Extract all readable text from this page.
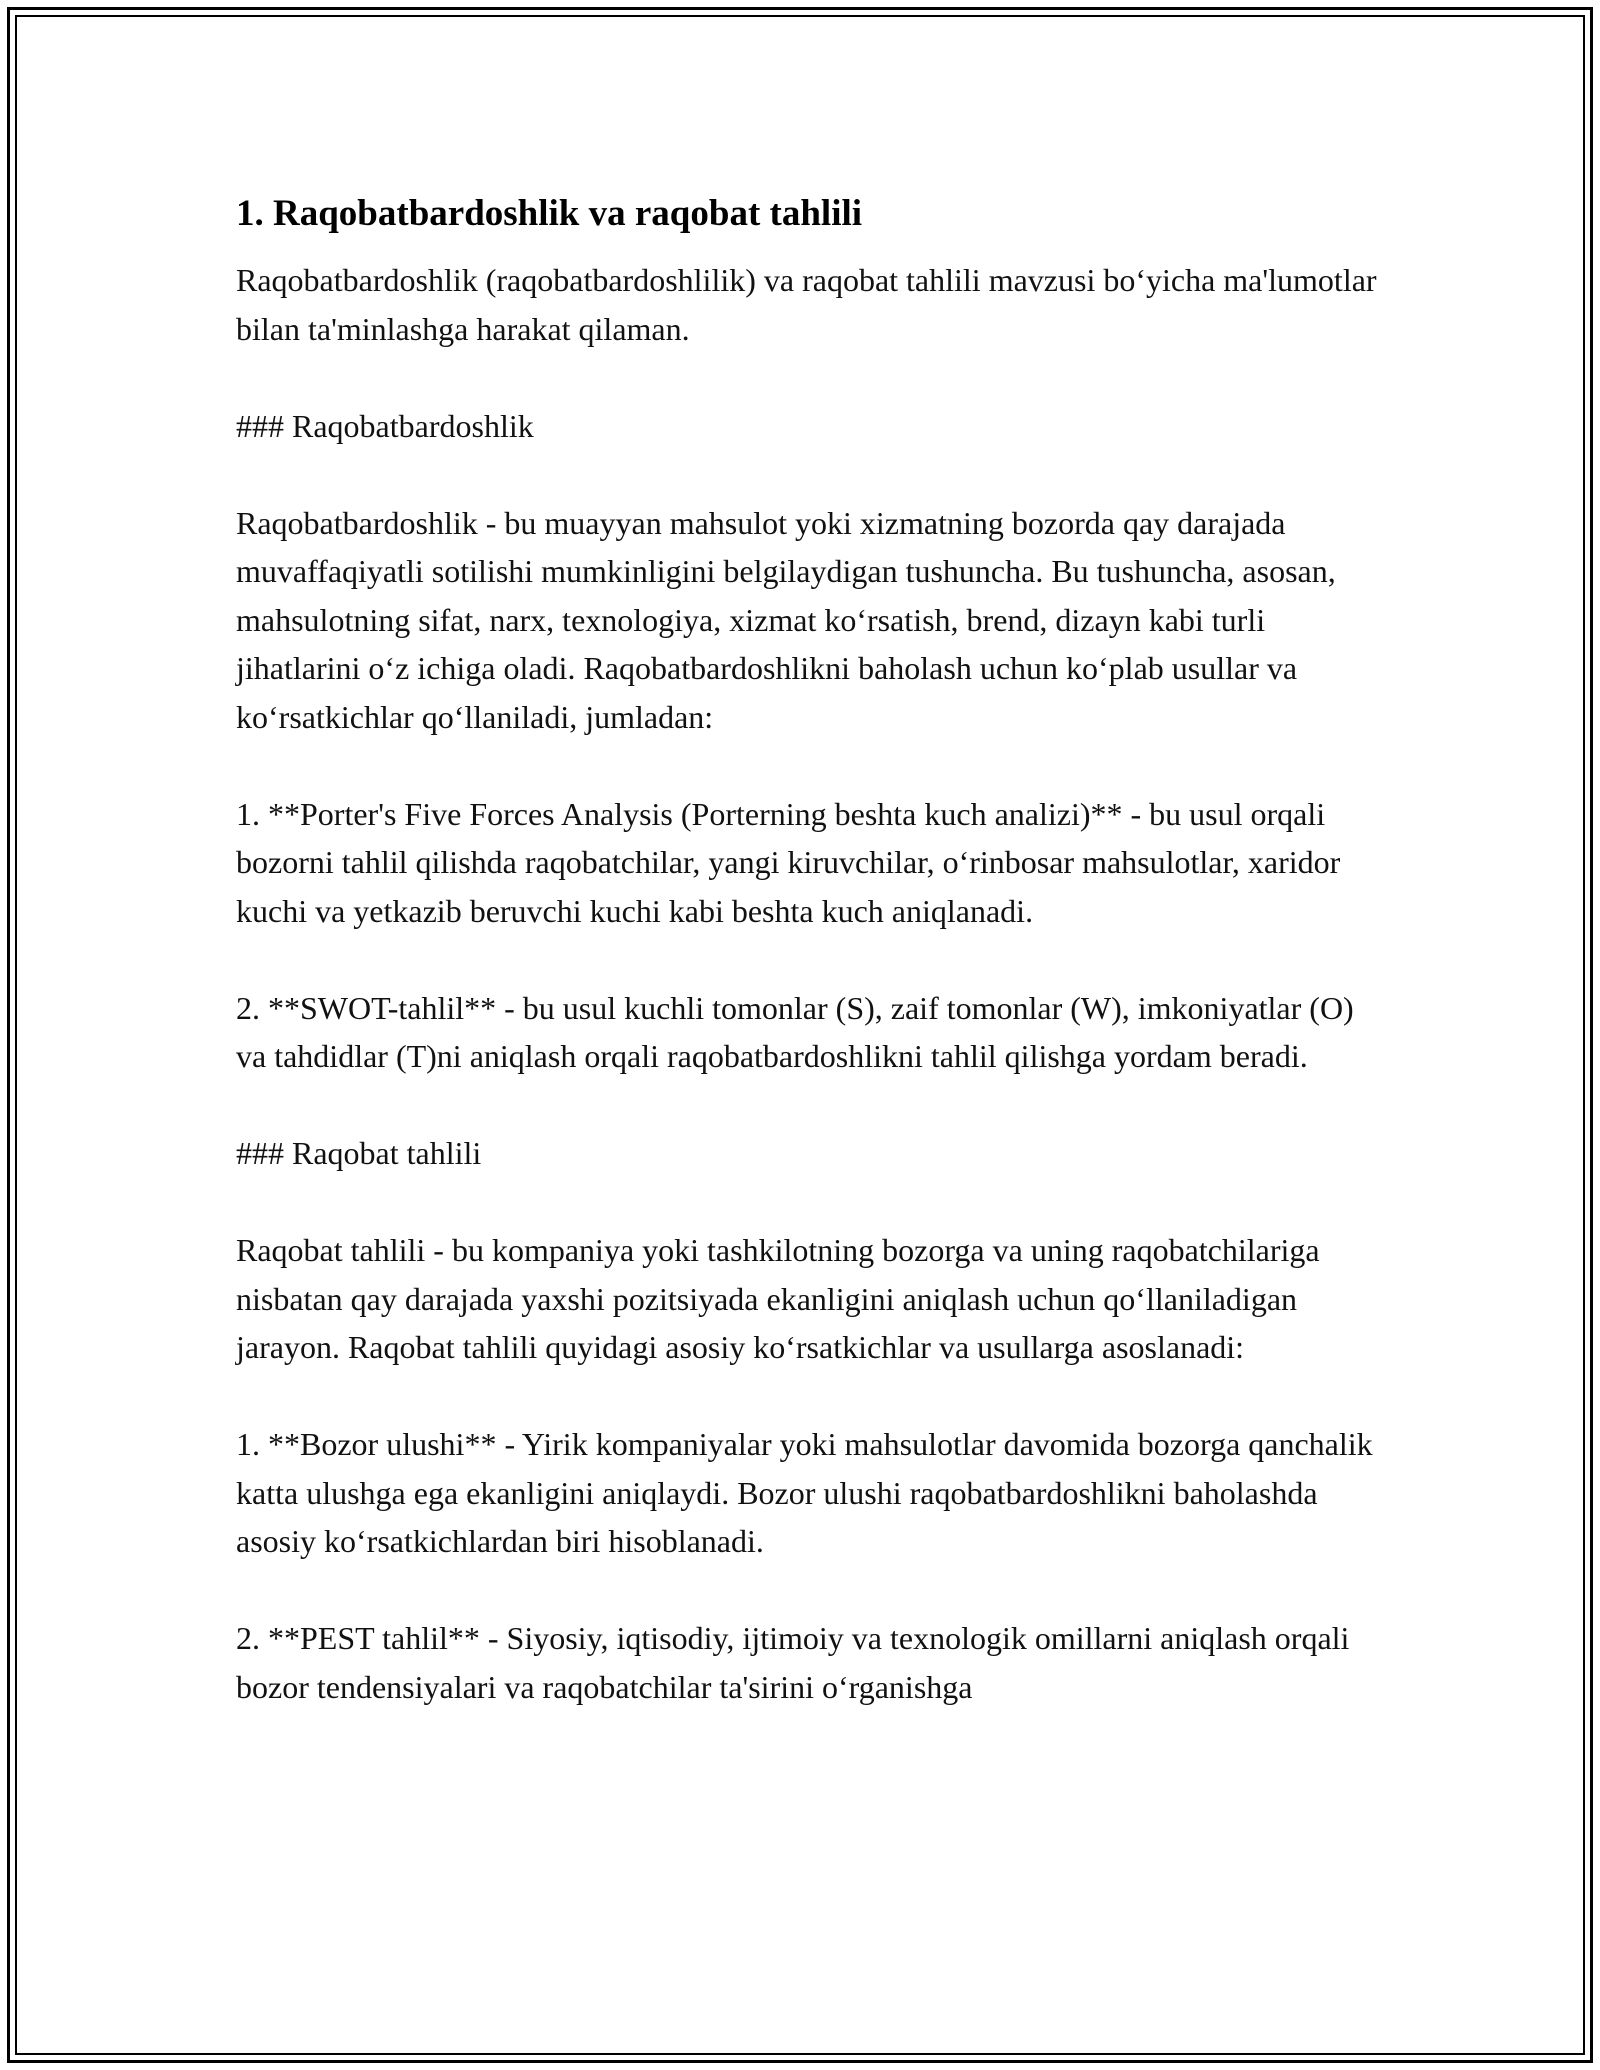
1. Raqobatbardoshlik va raqobat tahlili

Raqobatbardoshlik (raqobatbardoshlilik) va raqobat tahlili mavzusi bo‘yicha ma'lumotlar bilan ta'minlashga harakat qilaman.

### Raqobatbardoshlik

Raqobatbardoshlik - bu muayyan mahsulot yoki xizmatning bozorda qay darajada muvaffaqiyatli sotilishi mumkinligini belgilaydigan tushuncha. Bu tushuncha, asosan, mahsulotning sifat, narx, texnologiya, xizmat ko‘rsatish, brend, dizayn kabi turli jihatlarini o‘z ichiga oladi. Raqobatbardoshlikni baholash uchun ko‘plab usullar va ko‘rsatkichlar qo‘llaniladi, jumladan:

1. **Porter's Five Forces Analysis (Porterning beshta kuch analizi)** - bu usul orqali bozorni tahlil qilishda raqobatchilar, yangi kiruvchilar, o‘rinbosar mahsulotlar, xaridor kuchi va yetkazib beruvchi kuchi kabi beshta kuch aniqlanadi.

2. **SWOT-tahlil** - bu usul kuchli tomonlar (S), zaif tomonlar (W), imkoniyatlar (O) va tahdidlar (T)ni aniqlash orqali raqobatbardoshlikni tahlil qilishga yordam beradi.

### Raqobat tahlili

Raqobat tahlili - bu kompaniya yoki tashkilotning bozorga va uning raqobatchilariga nisbatan qay darajada yaxshi pozitsiyada ekanligini aniqlash uchun qo‘llaniladigan jarayon. Raqobat tahlili quyidagi asosiy ko‘rsatkichlar va usullarga asoslanadi:

1. **Bozor ulushi** - Yirik kompaniyalar yoki mahsulotlar davomida bozorga qanchalik katta ulushga ega ekanligini aniqlaydi. Bozor ulushi raqobatbardoshlikni baholashda asosiy ko‘rsatkichlardan biri hisoblanadi.

2. **PEST tahlil** - Siyosiy, iqtisodiy, ijtimoiy va texnologik omillarni aniqlash orqali bozor tendensiyalari va raqobatchilar ta'sirini o‘rganishga
